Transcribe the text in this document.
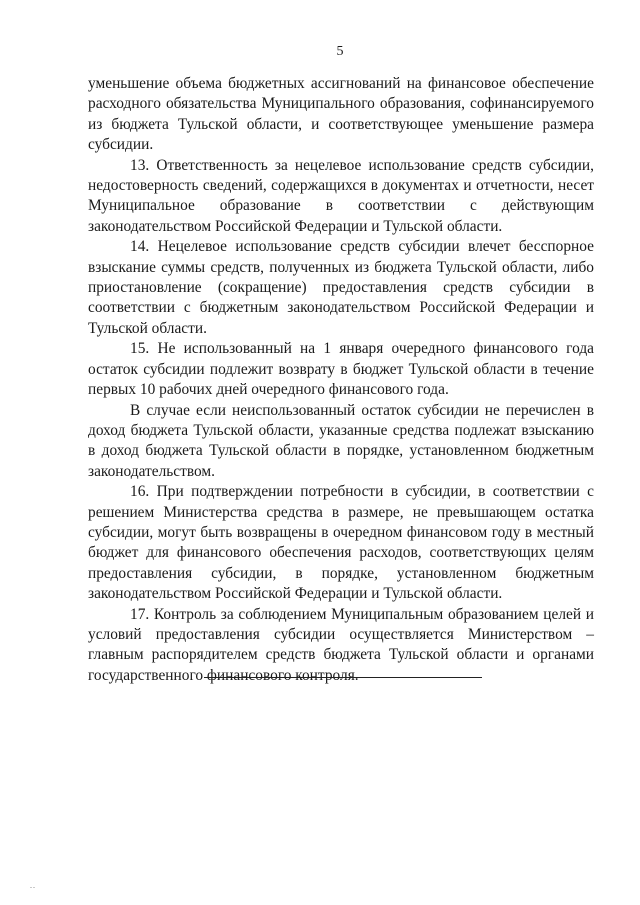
5

уменьшение объема бюджетных ассигнований на финансовое обеспечение расходного обязательства Муниципального образования, софинансируемого из бюджета Тульской области, и соответствующее уменьшение размера субсидии.

13. Ответственность за нецелевое использование средств субсидии, недостоверность сведений, содержащихся в документах и отчетности, несет Муниципальное образование в соответствии с действующим законодательством Российской Федерации и Тульской области.

14. Нецелевое использование средств субсидии влечет бесспорное взыскание суммы средств, полученных из бюджета Тульской области, либо приостановление (сокращение) предоставления средств субсидии в соответствии с бюджетным законодательством Российской Федерации и Тульской области.

15. Не использованный на 1 января очередного финансового года остаток субсидии подлежит возврату в бюджет Тульской области в течение первых 10 рабочих дней очередного финансового года.

В случае если неиспользованный остаток субсидии не перечислен в доход бюджета Тульской области, указанные средства подлежат взысканию в доход бюджета Тульской области в порядке, установленном бюджетным законодательством.

16. При подтверждении потребности в субсидии, в соответствии с решением Министерства средства в размере, не превышающем остатка субсидии, могут быть возвращены в очередном финансовом году в местный бюджет для финансового обеспечения расходов, соответствующих целям предоставления субсидии, в порядке, установленном бюджетным законодательством Российской Федерации и Тульской области.

17. Контроль за соблюдением Муниципальным образованием целей и условий предоставления субсидии осуществляется Министерством – главным распорядителем средств бюджета Тульской области и органами государственного финансового контроля.

..
